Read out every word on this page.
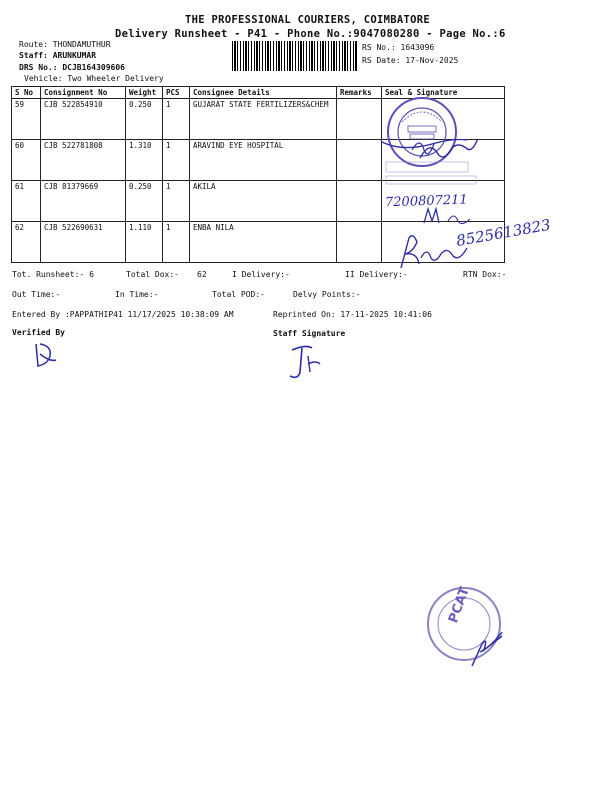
THE PROFESSIONAL COURIERS, COIMBATORE
Delivery Runsheet - P41 - Phone No.:9047080280 - Page No.:6
Route: THONDAMUTHUR
Staff: ARUNKUMAR
DRS No.: DCJB164309606
Vehicle: Two Wheeler Delivery
RS No.: 1643096
RS Date: 17-Nov-2025
S No	Consignment No	Weight	PCS	Consignee Details	Remarks	Seal & Signature
59	CJB 522854910	0.250	1	GUJARAT STATE FERTILIZERS&CHEM		
60	CJB 522781808	1.310	1	ARAVIND EYE HOSPITAL		
61	CJB 81379669	0.250	1	AKILA		
62	CJB 522690631	1.110	1	ENBA NILA		
Tot. Runsheet:- 6	Total Dox:- 62	I Delivery:-	II Delivery:-	RTN Dox:-
Out Time:-	In Time:-	Total POD:-	Delvy Points:-
Entered By :PAPPATHIP41 11/17/2025 10:38:09 AM	Reprinted On: 17-11-2025 10:41:06
Verified By	Staff Signature
7200807211
8525613823
PCAT
